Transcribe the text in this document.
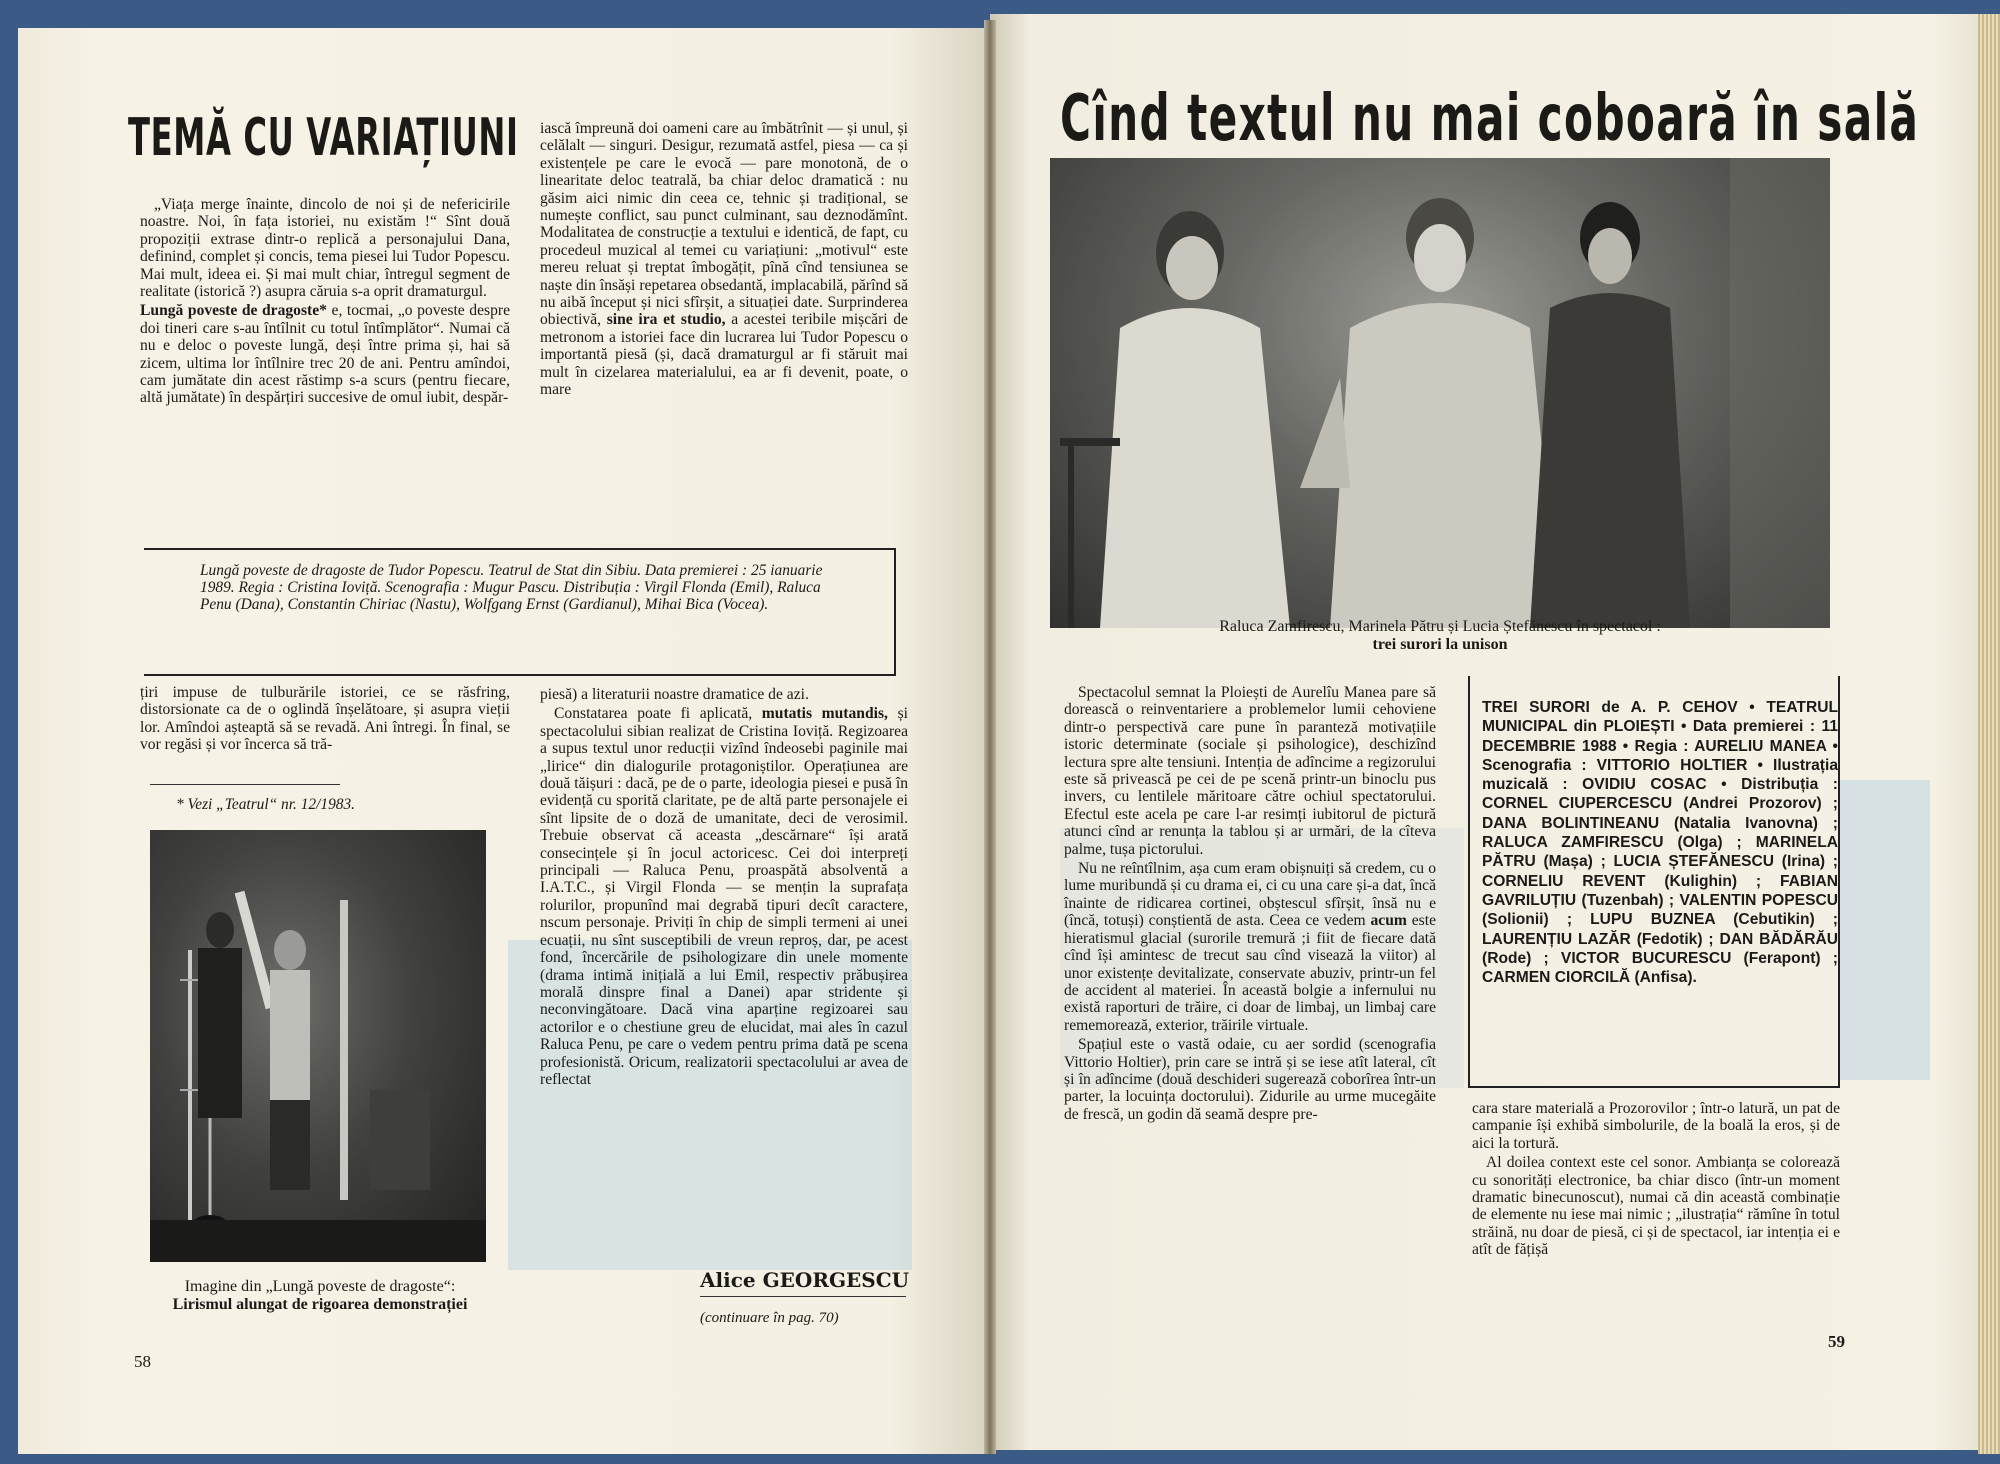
TEMĂ CU VARIAȚIUNI

„Viața merge înainte, dincolo de noi și de nefericirile noastre. Noi, în fața istoriei, nu existăm !“ Sînt două propoziții extrase dintr-o replică a personajului Dana, definind, complet și concis, tema piesei lui Tudor Popescu. Mai mult, ideea ei. Și mai mult chiar, întregul segment de realitate (istorică ?) asupra căruia s-a oprit dramaturgul.

Lungă poveste de dragoste* e, tocmai, „o poveste despre doi tineri care s-au întîlnit cu totul întîmplător“. Numai că nu e deloc o poveste lungă, deși între prima și, hai să zicem, ultima lor întîlnire trec 20 de ani. Pentru amîndoi, cam jumătate din acest răstimp s-a scurs (pentru fiecare, altă jumătate) în despărțiri succesive de omul iubit, despăr-

iască împreună doi oameni care au îmbătrînit — și unul, și celălalt — singuri. Desigur, rezumată astfel, piesa — ca și existențele pe care le evocă — pare monotonă, de o linearitate deloc teatrală, ba chiar deloc dramatică : nu găsim aici nimic din ceea ce, tehnic și tradițional, se numește conflict, sau punct culminant, sau deznodămînt. Modalitatea de construcție a textului e identică, de fapt, cu procedeul muzical al temei cu variațiuni: „motivul“ este mereu reluat și treptat îmbogățit, pînă cînd tensiunea se naște din însăși repetarea obsedantă, implacabilă, părînd să nu aibă început și nici sfîrșit, a situației date. Surprinderea obiectivă, sine ira et studio, a acestei teribile mișcări de metronom a istoriei face din lucrarea lui Tudor Popescu o importantă piesă (și, dacă dramaturgul ar fi stăruit mai mult în cizelarea materialului, ea ar fi devenit, poate, o mare

Lungă poveste de dragoste de Tudor Popescu. Teatrul de Stat din Sibiu. Data premierei : 25 ianuarie 1989. Regia : Cristina Ioviță. Scenografia : Mugur Pascu. Distribuția : Virgil Flonda (Emil), Raluca Penu (Dana), Constantin Chiriac (Nastu), Wolfgang Ernst (Gardianul), Mihai Bica (Vocea).

țiri impuse de tulburările istoriei, ce se răsfring, distorsionate ca de o oglindă înșelătoare, și asupra vieții lor. Amîndoi așteaptă să se revadă. Ani întregi. În final, se vor regăsi și vor încerca să tră-

* Vezi „Teatrul“ nr. 12/1983.

piesă) a literaturii noastre dramatice de azi.

Constatarea poate fi aplicată, mutatis mutandis, și spectacolului sibian realizat de Cristina Ioviță. Regizoarea a supus textul unor reducții vizînd îndeosebi paginile mai „lirice“ din dialogurile protagoniștilor. Operațiunea are două tăișuri : dacă, pe de o parte, ideologia piesei e pusă în evidență cu sporită claritate, pe de altă parte personajele ei sînt lipsite de o doză de umanitate, deci de verosimil. Trebuie observat că aceasta „descărnare“ își arată consecințele și în jocul actoricesc. Cei doi interpreți principali — Raluca Penu, proaspătă absolventă a I.A.T.C., și Virgil Flonda — se mențin la suprafața rolurilor, propunînd mai degrabă tipuri decît caractere, nscum personaje. Priviți în chip de simpli termeni ai unei ecuații, nu sînt susceptibili de vreun reproș, dar, pe acest fond, încercările de psihologizare din unele momente (drama intimă inițială a lui Emil, respectiv prăbușirea morală dinspre final a Danei) apar stridente și neconvingătoare. Dacă vina aparține regizoarei sau actorilor e o chestiune greu de elucidat, mai ales în cazul Raluca Penu, pe care o vedem pentru prima dată pe scena profesionistă. Oricum, realizatorii spectacolului ar avea de reflectat

Imagine din „Lungă poveste de dragoste“:
Lirismul alungat de rigoarea demonstrației
Alice GEORGESCU
(continuare în pag. 70)
58
Cînd textul nu mai coboară în sală
Raluca Zamfirescu, Marinela Pătru și Lucia Ștefănescu în spectacol :
trei surori la unison

Spectacolul semnat la Ploiești de Aurelîu Manea pare să dorească o reinventariere a problemelor lumii cehoviene dintr-o perspectivă care pune în paranteză motivațiile istoric determinate (sociale și psihologice), deschizînd lectura spre alte tensiuni. Intenția de adîncime a regizorului este să privească pe cei de pe scenă printr-un binoclu pus invers, cu lentilele măritoare către ochiul spectatorului. Efectul este acela pe care l-ar resimți iubitorul de pictură atunci cînd ar renunța la tablou și ar urmări, de la cîteva palme, tușa pictorului.

Nu ne reîntîlnim, așa cum eram obișnuiți să credem, cu o lume muribundă și cu drama ei, ci cu una care și-a dat, încă înainte de ridicarea cortinei, obștescul sfîrșit, însă nu e (încă, totuși) conștientă de asta. Ceea ce vedem acum este hieratismul glacial (surorile tremură ;i fiit de fiecare dată cînd își amintesc de trecut sau cînd visează la viitor) al unor existențe devitalizate, conservate abuziv, printr-un fel de accident al materiei. În această bolgie a infernului nu există raporturi de trăire, ci doar de limbaj, un limbaj care rememorează, exterior, trăirile virtuale.

Spațiul este o vastă odaie, cu aer sordid (scenografia Vittorio Holtier), prin care se intră și se iese atît lateral, cît și în adîncime (două deschideri sugerează coborîrea într-un parter, la locuința doctorului). Zidurile au urme mucegăite de frescă, un godin dă seamă despre pre-

TREI SURORI de A. P. CEHOV • TEATRUL MUNICIPAL din PLOIEȘTI • Data premierei : 11 DECEMBRIE 1988 • Regia : AURELIU MANEA • Scenografia : VITTORIO HOLTIER • Ilustrația muzicală : OVIDIU COSAC • Distribuția : CORNEL CIUPERCESCU (Andrei Prozorov) ; DANA BOLINTINEANU (Natalia Ivanovna) ; RALUCA ZAMFIRESCU (Olga) ; MARINELA PĂTRU (Mașa) ; LUCIA ȘTEFĂNESCU (Irina) ; CORNELIU REVENT (Kulighin) ; FABIAN GAVRILUȚIU (Tuzenbah) ; VALENTIN POPESCU (Solionii) ; LUPU BUZNEA (Cebutikin) ; LAURENȚIU LAZĂR (Fedotik) ; DAN BĂDĂRĂU (Rode) ; VICTOR BUCURESCU (Ferapont) ; CARMEN CIORCILĂ (Anfisa).

cara stare materială a Prozorovilor ; într-o latură, un pat de campanie își exhibă simbolurile, de la boală la eros, și de aici la tortură.

Al doilea context este cel sonor. Ambianța se colorează cu sonorități electronice, ba chiar disco (într-un moment dramatic binecunoscut), numai că din această combinație de elemente nu iese mai nimic ; „ilustrația“ rămîne în totul străină, nu doar de piesă, ci și de spectacol, iar intenția ei e atît de fățișă

59
